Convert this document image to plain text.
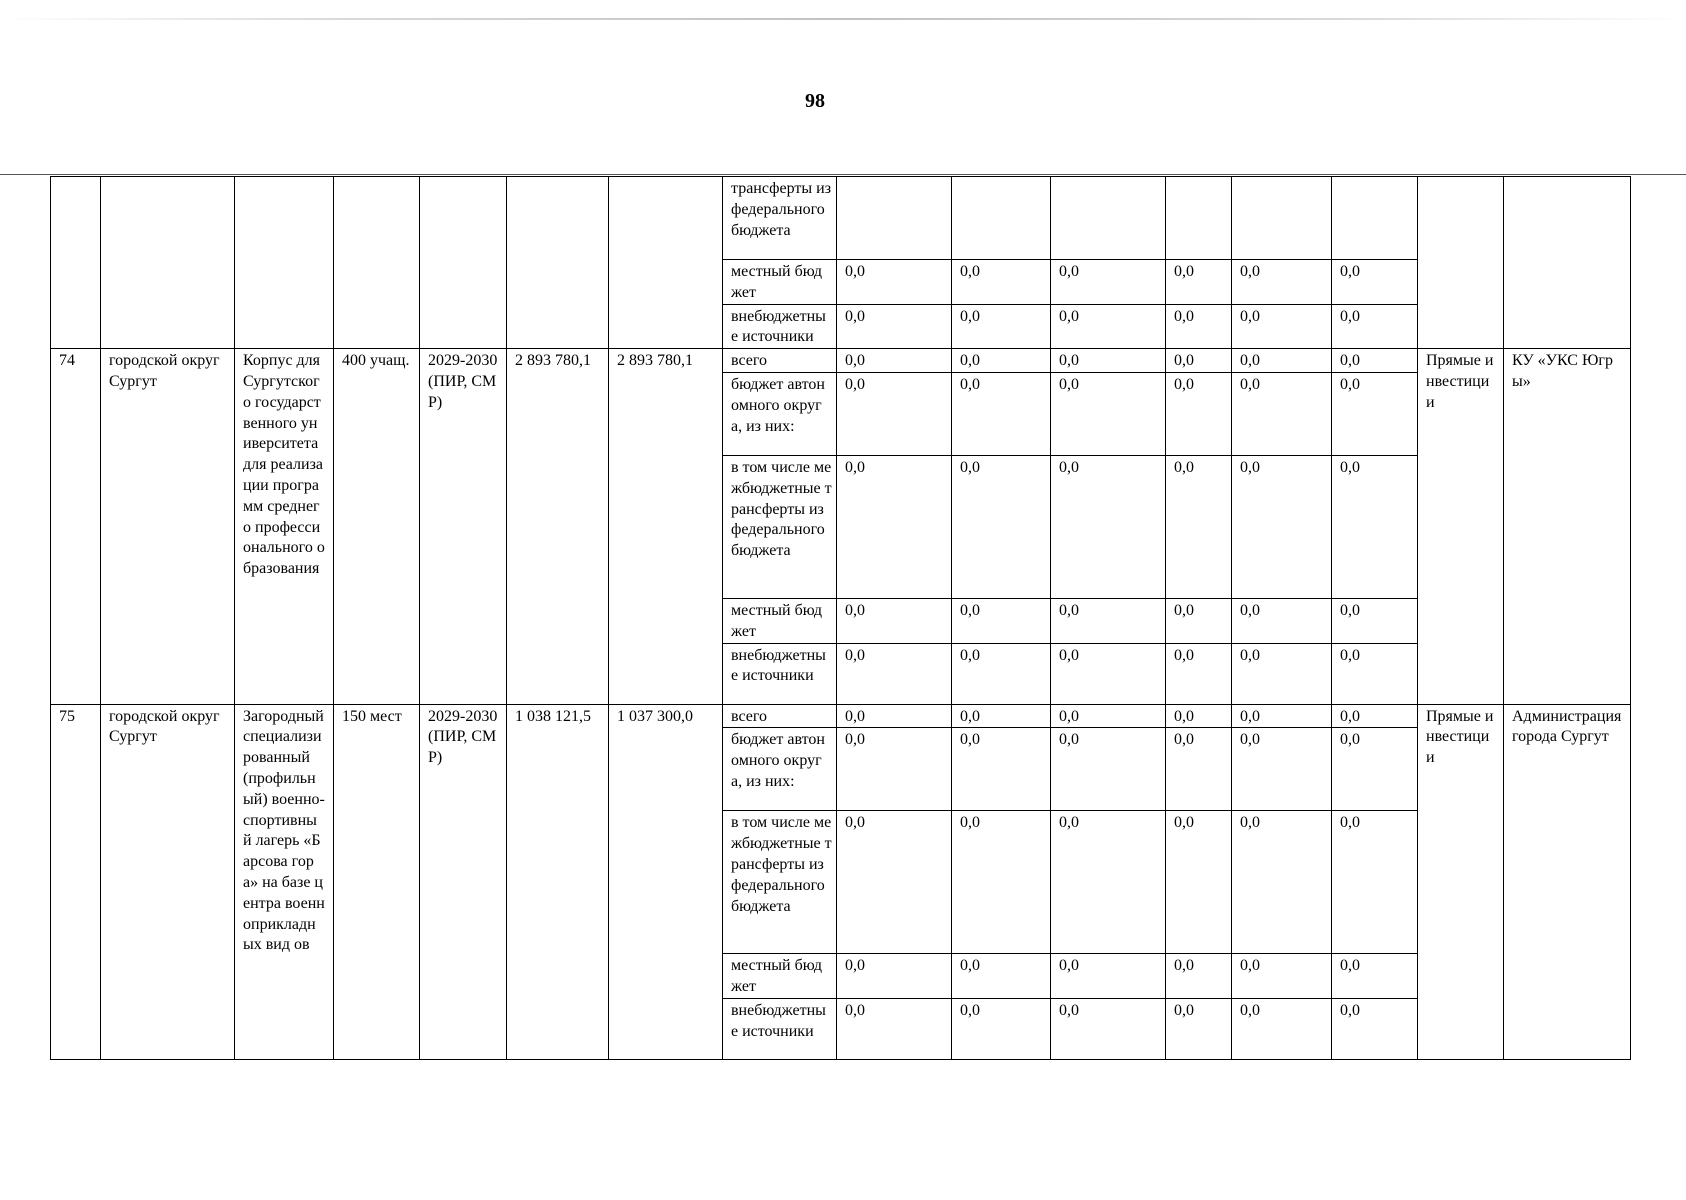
98
							трансферты из федерального бюджета								
							местный бюджет	0,0	0,0	0,0	0,0	0,0	0,0		
							внебюджетные источники	0,0	0,0	0,0	0,0	0,0	0,0		
74	городской округ Сургут	Корпус для Сургутского государственного университета для реализации программ среднего профессионального образования	400 учащ.	2029-2030 (ПИР, СМР)	2 893 780,1	2 893 780,1	всего	0,0	0,0	0,0	0,0	0,0	0,0	Прямые инвестиции	КУ «УКС Югры»
							бюджет автономного округа, из них:	0,0	0,0	0,0	0,0	0,0	0,0		
							в том числе межбюджетные трансферты из федерального бюджета	0,0	0,0	0,0	0,0	0,0	0,0		
							местный бюджет	0,0	0,0	0,0	0,0	0,0	0,0		
							внебюджетные источники	0,0	0,0	0,0	0,0	0,0	0,0		
75	городской округ Сургут	Загородный специализированный (профильный) военно-спортивный лагерь «Барсова гора» на базе центра военноприкладных вид ов	150 мест	2029-2030 (ПИР, СМР)	1 038 121,5	1 037 300,0	всего	0,0	0,0	0,0	0,0	0,0	0,0	Прямые инвестиции	Администрация города Сургут
							бюджет автономного округа, из них:	0,0	0,0	0,0	0,0	0,0	0,0		
							в том числе межбюджетные трансферты из федерального бюджета	0,0	0,0	0,0	0,0	0,0	0,0		
							местный бюджет	0,0	0,0	0,0	0,0	0,0	0,0		
							внебюджетные источники	0,0	0,0	0,0	0,0	0,0	0,0		
